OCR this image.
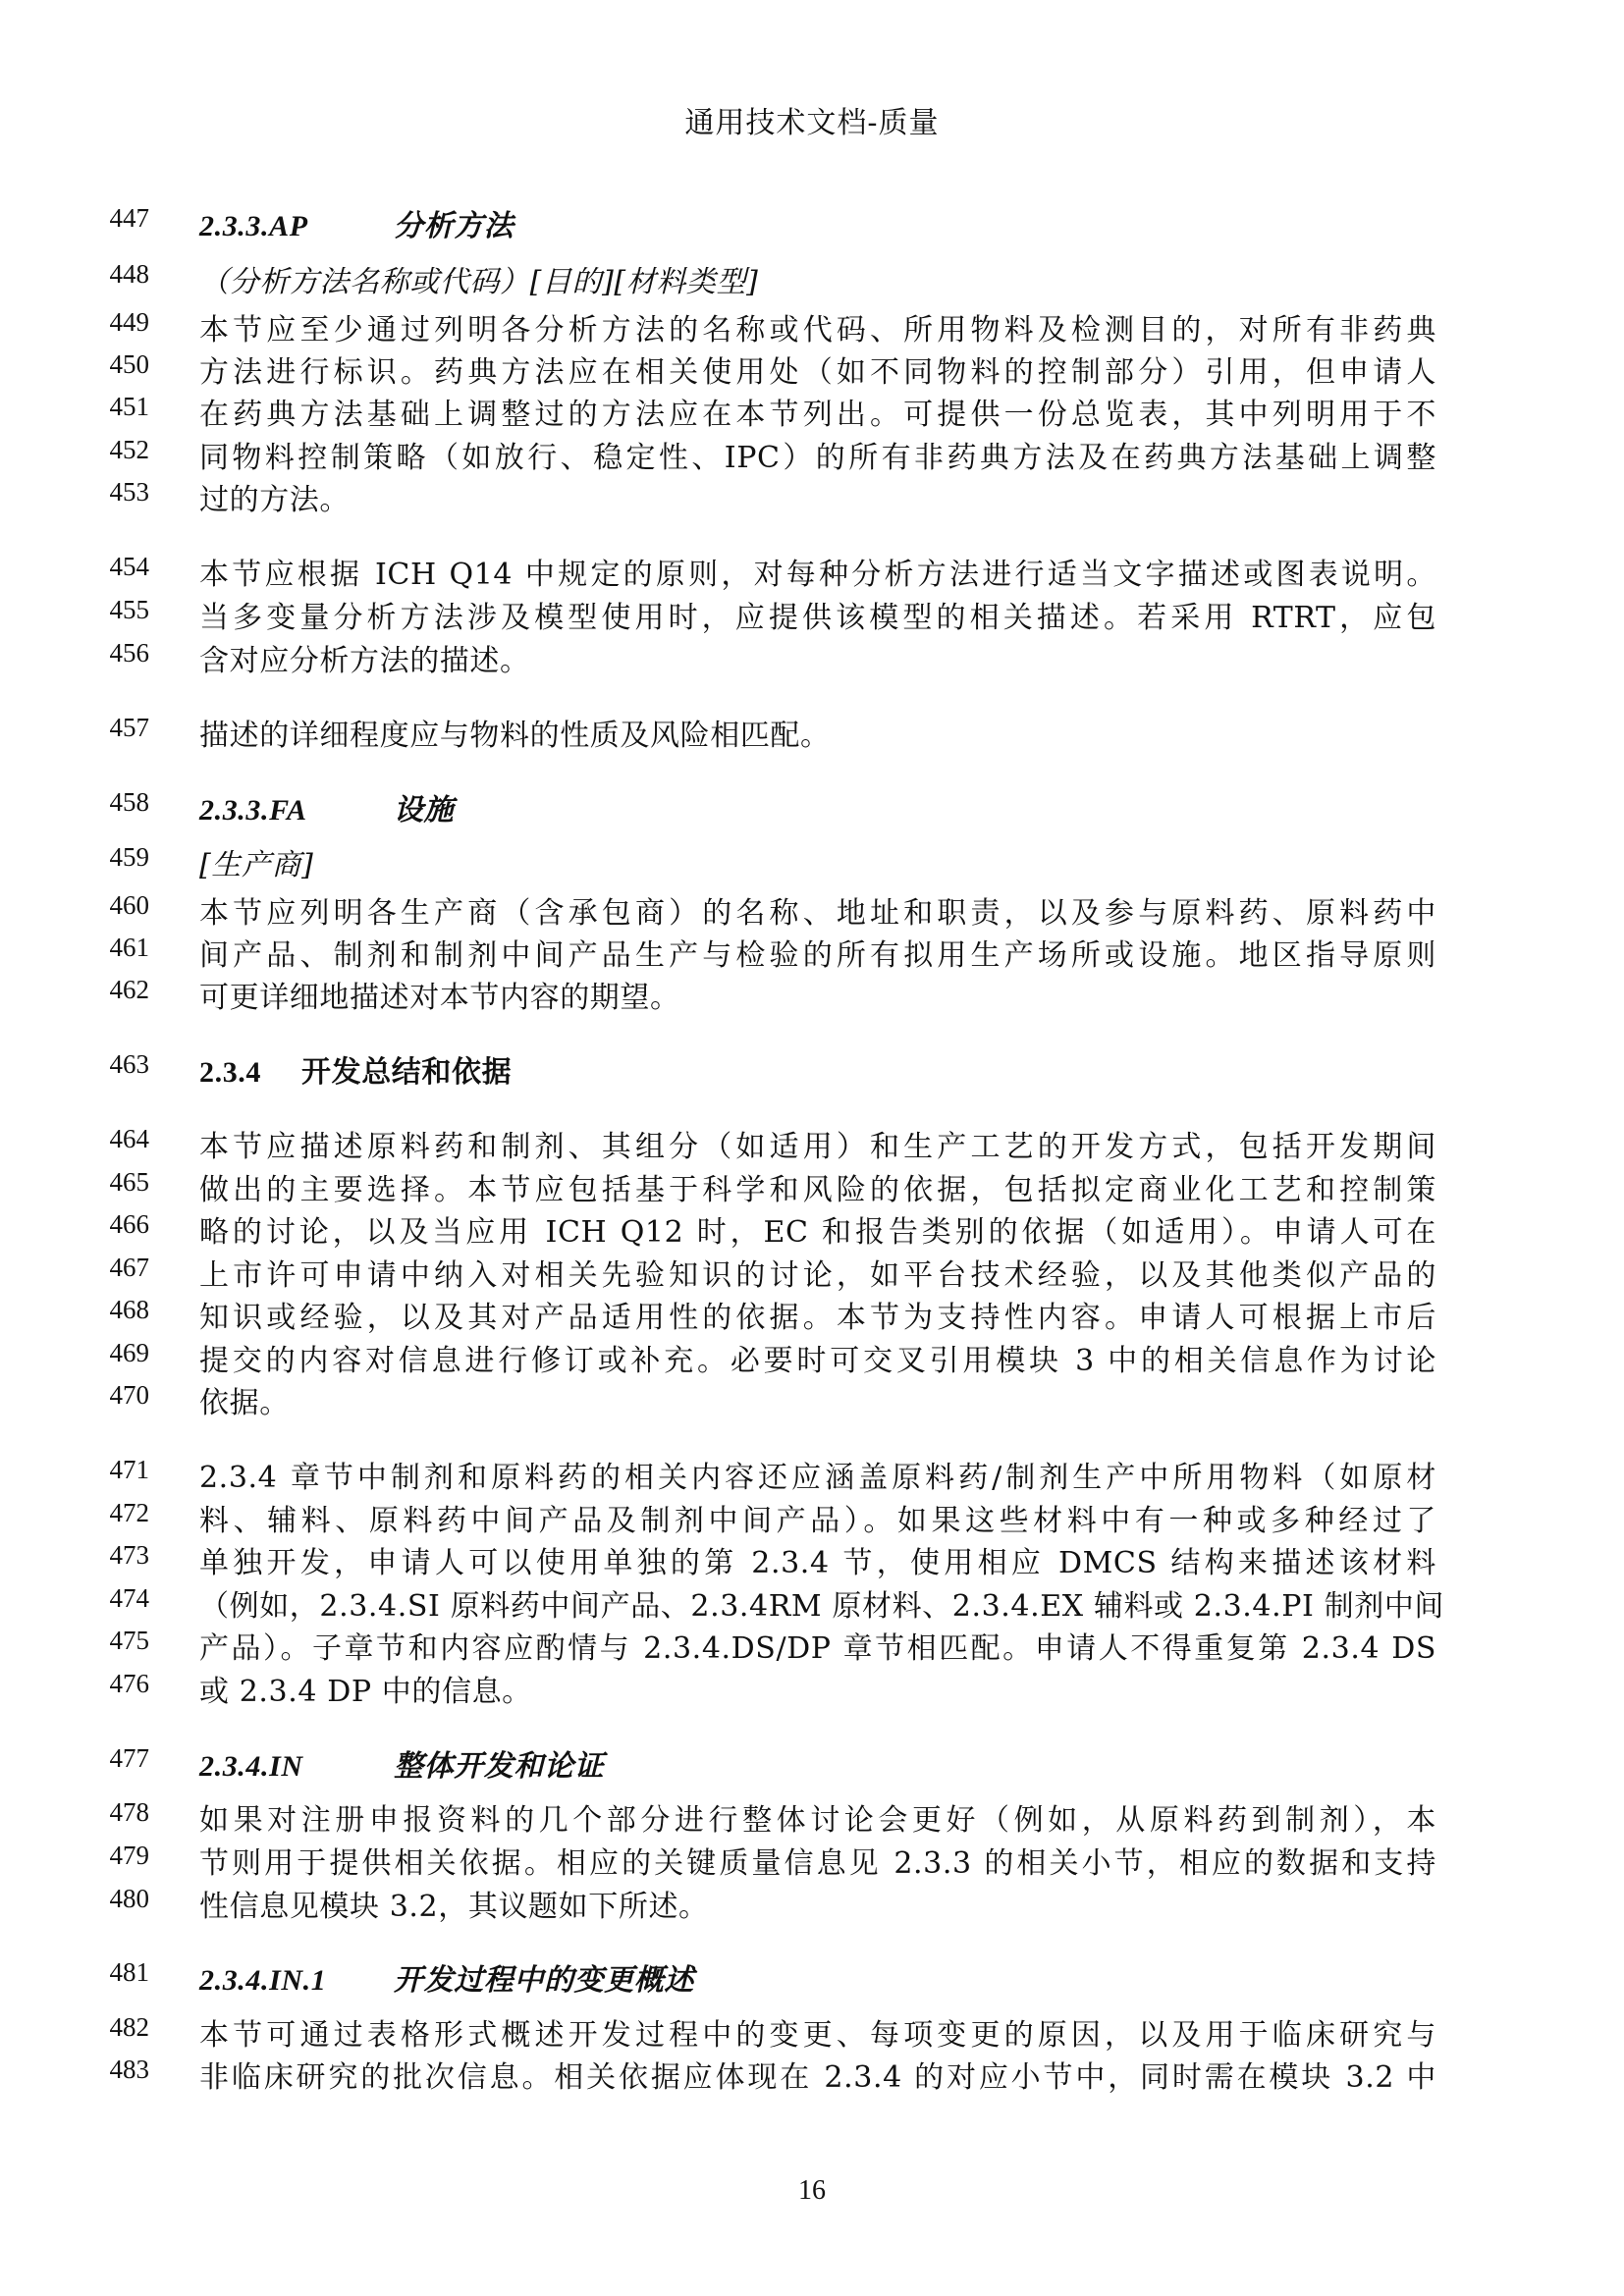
通用技术文档-质量
447 2.3.3.AP	分析方法
448 （分析方法名称或代码）[目的][材料类型]
449 本节应至少通过列明各分析方法的名称或代码、所用物料及检测目的，对所有非药典
450 方法进行标识。药典方法应在相关使用处（如不同物料的控制部分）引用，但申请人
451 在药典方法基础上调整过的方法应在本节列出。可提供一份总览表，其中列明用于不
452 同物料控制策略（如放行、稳定性、IPC）的所有非药典方法及在药典方法基础上调整
453 过的方法。
454 本节应根据 ICH Q14 中规定的原则，对每种分析方法进行适当文字描述或图表说明。
455 当多变量分析方法涉及模型使用时，应提供该模型的相关描述。若采用 RTRT，应包
456 含对应分析方法的描述。
457 描述的详细程度应与物料的性质及风险相匹配。
458 2.3.3.FA	设施
459 [生产商]
460 本节应列明各生产商（含承包商）的名称、地址和职责，以及参与原料药、原料药中
461 间产品、制剂和制剂中间产品生产与检验的所有拟用生产场所或设施。地区指导原则
462 可更详细地描述对本节内容的期望。
463 2.3.4 开发总结和依据
464 本节应描述原料药和制剂、其组分（如适用）和生产工艺的开发方式，包括开发期间
465 做出的主要选择。本节应包括基于科学和风险的依据，包括拟定商业化工艺和控制策
466 略的讨论，以及当应用 ICH Q12 时，EC 和报告类别的依据（如适用）。申请人可在
467 上市许可申请中纳入对相关先验知识的讨论，如平台技术经验，以及其他类似产品的
468 知识或经验，以及其对产品适用性的依据。本节为支持性内容。申请人可根据上市后
469 提交的内容对信息进行修订或补充。必要时可交叉引用模块 3 中的相关信息作为讨论
470 依据。
471 2.3.4 章节中制剂和原料药的相关内容还应涵盖原料药/制剂生产中所用物料（如原材
472 料、辅料、原料药中间产品及制剂中间产品）。如果这些材料中有一种或多种经过了
473 单独开发，申请人可以使用单独的第 2.3.4 节，使用相应 DMCS 结构来描述该材料
474 （例如，2.3.4.SI 原料药中间产品、2.3.4RM 原材料、2.3.4.EX 辅料或 2.3.4.PI 制剂中间
475 产品）。子章节和内容应酌情与 2.3.4.DS/DP 章节相匹配。申请人不得重复第 2.3.4 DS
476 或 2.3.4 DP 中的信息。
477 2.3.4.IN	整体开发和论证
478 如果对注册申报资料的几个部分进行整体讨论会更好（例如，从原料药到制剂），本
479 节则用于提供相关依据。相应的关键质量信息见 2.3.3 的相关小节，相应的数据和支持
480 性信息见模块 3.2，其议题如下所述。
481 2.3.4.IN.1 开发过程中的变更概述
482 本节可通过表格形式概述开发过程中的变更、每项变更的原因，以及用于临床研究与
483 非临床研究的批次信息。相关依据应体现在 2.3.4 的对应小节中，同时需在模块 3.2 中
16
